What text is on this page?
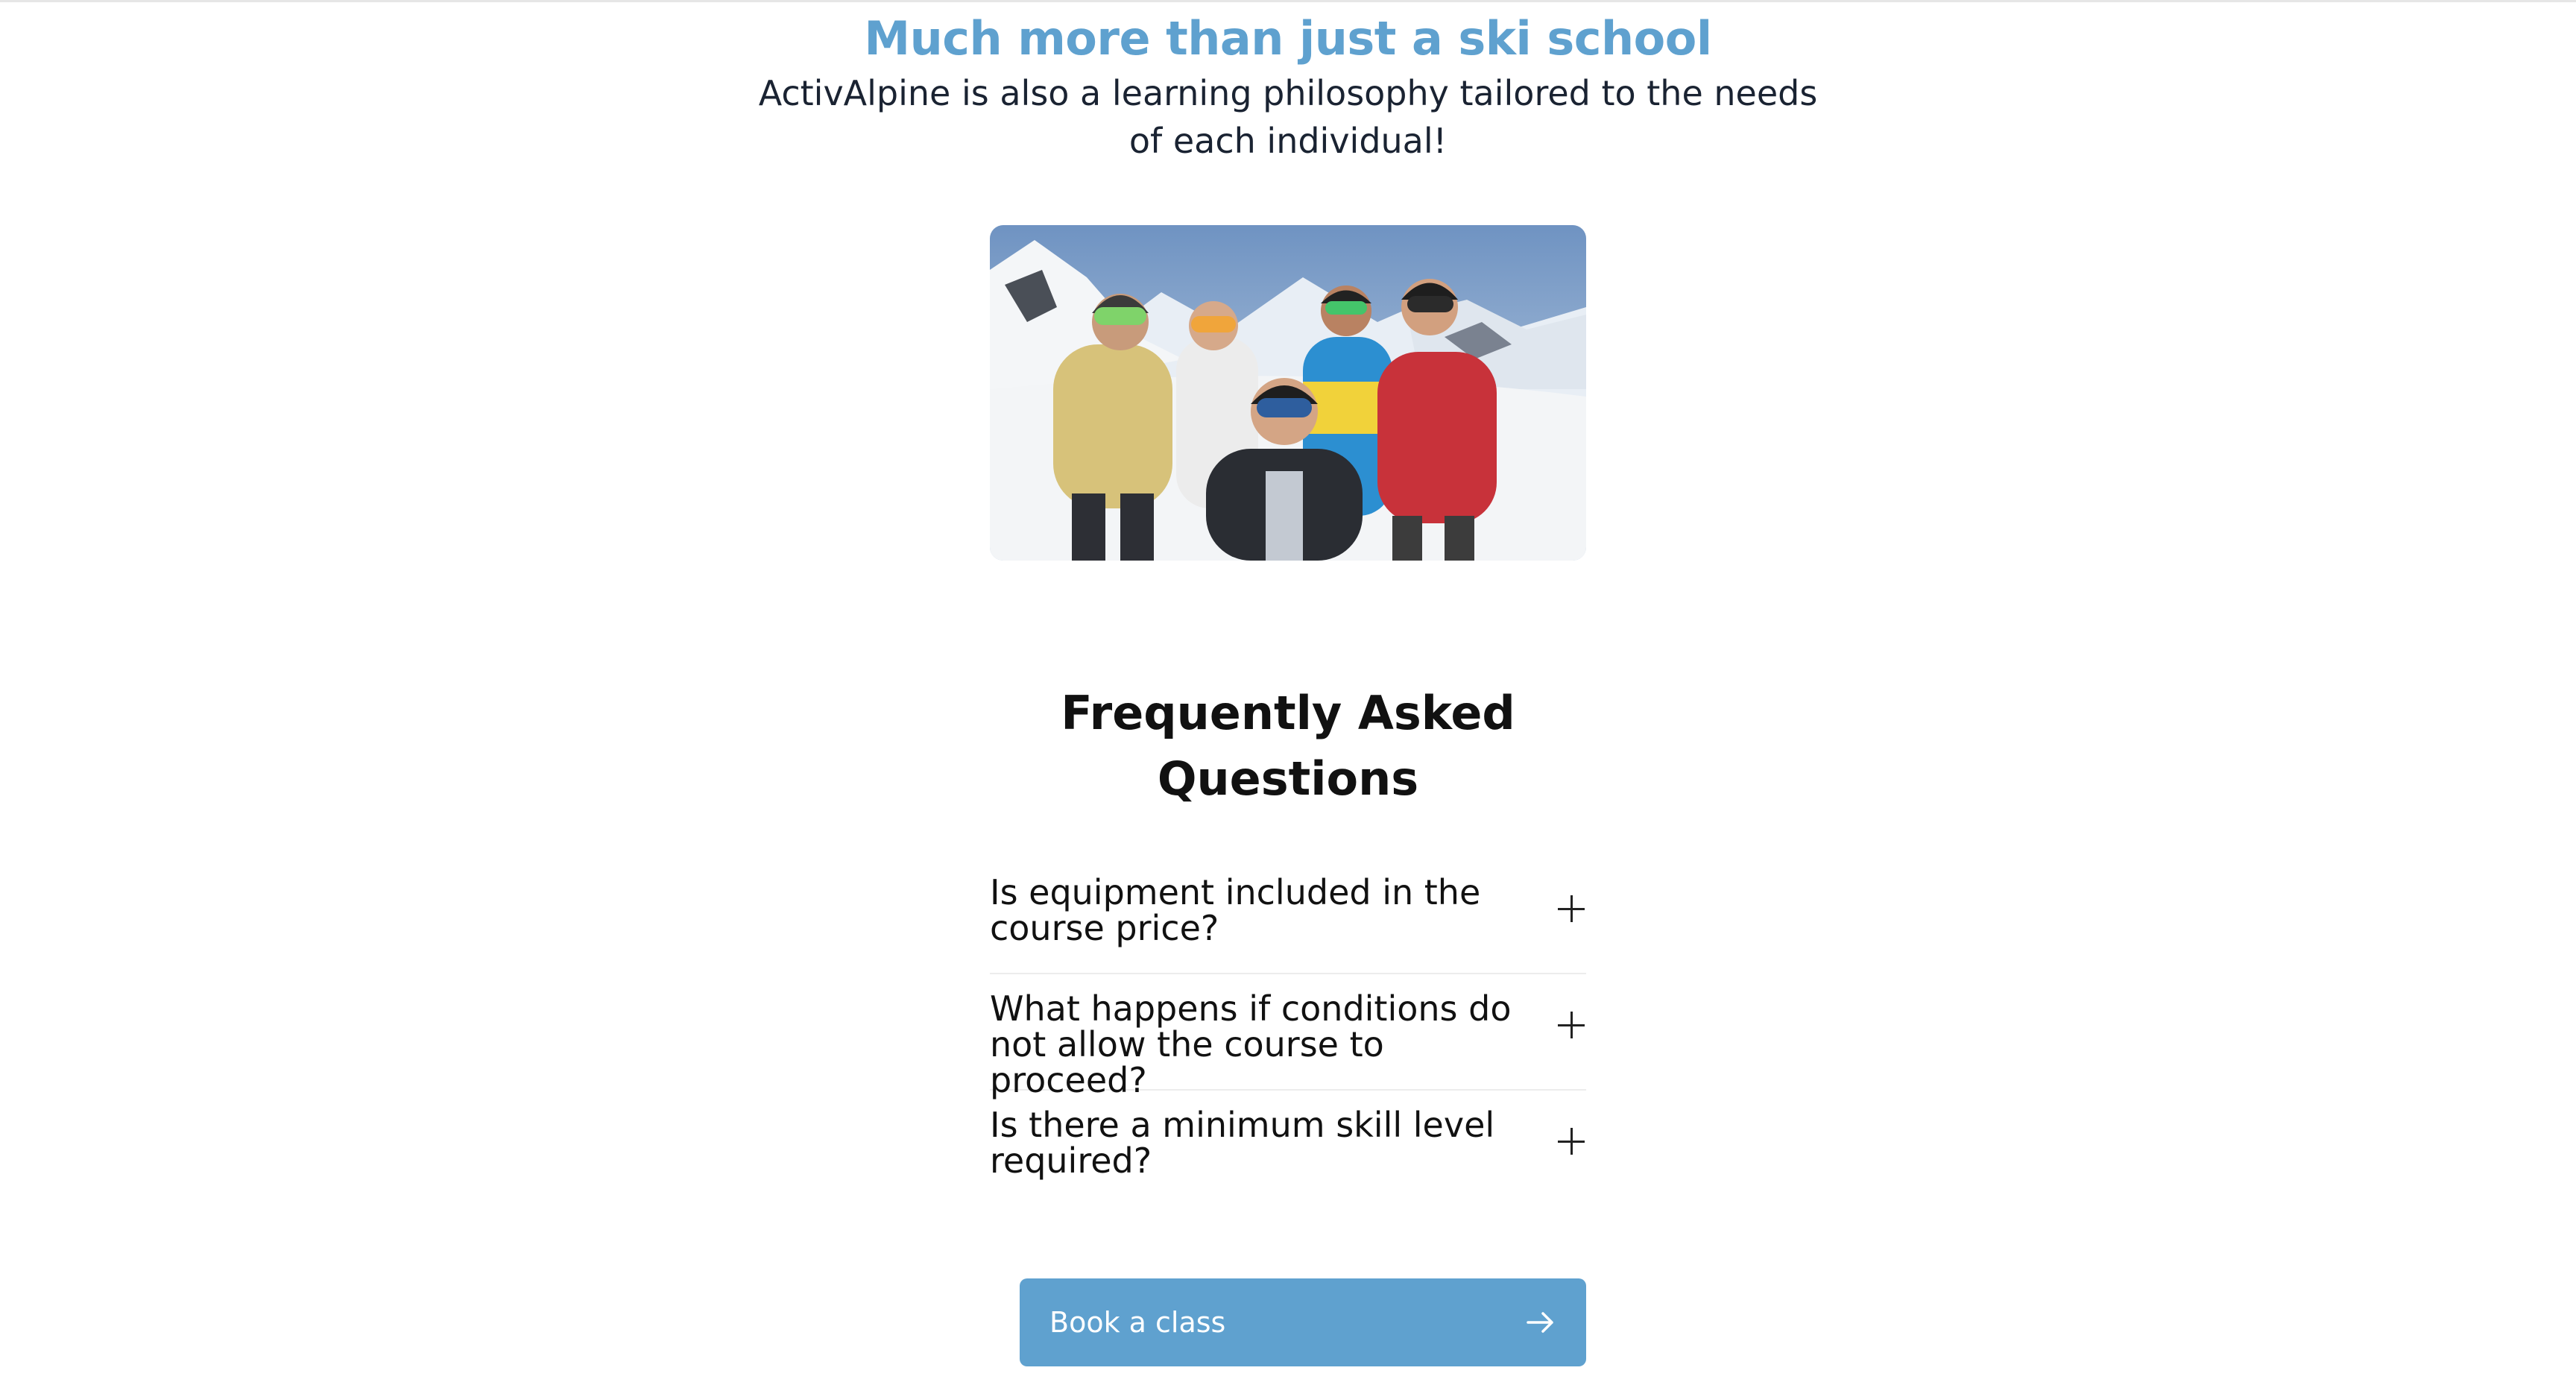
Much more than just a ski school
ActivAlpine is also a learning philosophy tailored to the needs of each individual!
Frequently Asked Questions
Is equipment included in the course price?
What happens if conditions do not allow the course to proceed?
Is there a minimum skill level required?
Book a class
